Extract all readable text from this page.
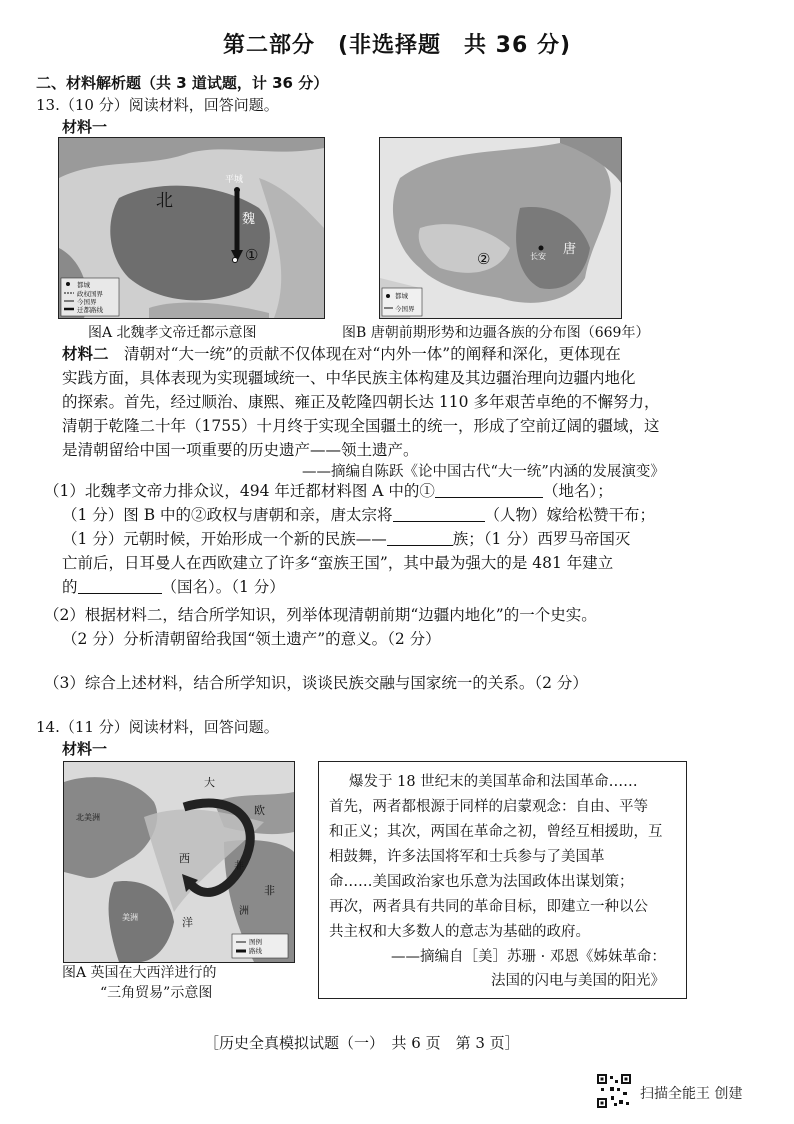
第二部分　(非选择题　共 36 分)
二、材料解析题（共 3 道试题，计 36 分）
13.（10 分）阅读材料，回答问题。
材料一
北
魏
平城
①
都城
政权国界
今国界
迁都路线
②
唐
长安
都城
今国界
图A 北魏孝文帝迁都示意图	图B 唐朝前期形势和边疆各族的分布图（669年）
材料二　 清朝对“大一统”的贡献不仅体现在对“内外一体”的阐释和深化，更体现在
实践方面，具体表现为实现疆域统一、中华民族主体构建及其边疆治理向边疆内地化
的探索。首先，经过顺治、康熙、雍正及乾隆四朝长达 110 多年艰苦卓绝的不懈努力，
清朝于乾隆二十年（1755）十月终于实现全国疆土的统一，形成了空前辽阔的疆域，这
是清朝留给中国一项重要的历史遗产——领土遗产。
——摘编自陈跃《论中国古代“大一统”内涵的发展演变》
（1）北魏孝文帝力排众议，494 年迁都材料图 A 中的①	（地名）；
（1 分）图 B 中的②政权与唐朝和亲，唐太宗将	（人物）嫁给松赞干布；
（1 分）元朝时候，开始形成一个新的民族——	族；（1 分）西罗马帝国灭
亡前后，日耳曼人在西欧建立了许多“蛮族王国”，其中最为强大的是 481 年建立
的	（国名）。（1 分）
（2）根据材料二，结合所学知识，列举体现清朝前期“边疆内地化”的一个史实。
（2 分）分析清朝留给我国“领土遗产”的意义。（2 分）
（3）综合上述材料，结合所学知识，谈谈民族交融与国家统一的关系。（2 分）
14.（11 分）阅读材料，回答问题。
材料一
北美洲
欧
非
美洲
大
西
洋
非
洲
图例
路线
图A 英国在大西洋进行的
“三角贸易”示意图
爆发于 18 世纪末的美国革命和法国革命……
首先，两者都根源于同样的启蒙观念：自由、平等
和正义；其次，两国在革命之初，曾经互相援助，互
相鼓舞，许多法国将军和士兵参与了美国革
命……美国政治家也乐意为法国政体出谋划策；
再次，两者具有共同的革命目标，即建立一种以公
共主权和大多数人的意志为基础的政府。
——摘编自［美］苏珊 · 邓恩《姊妹革命：
法国的闪电与美国的阳光》
［历史全真模拟试题（一）　共 6 页　第 3 页］
扫描全能王 创建
